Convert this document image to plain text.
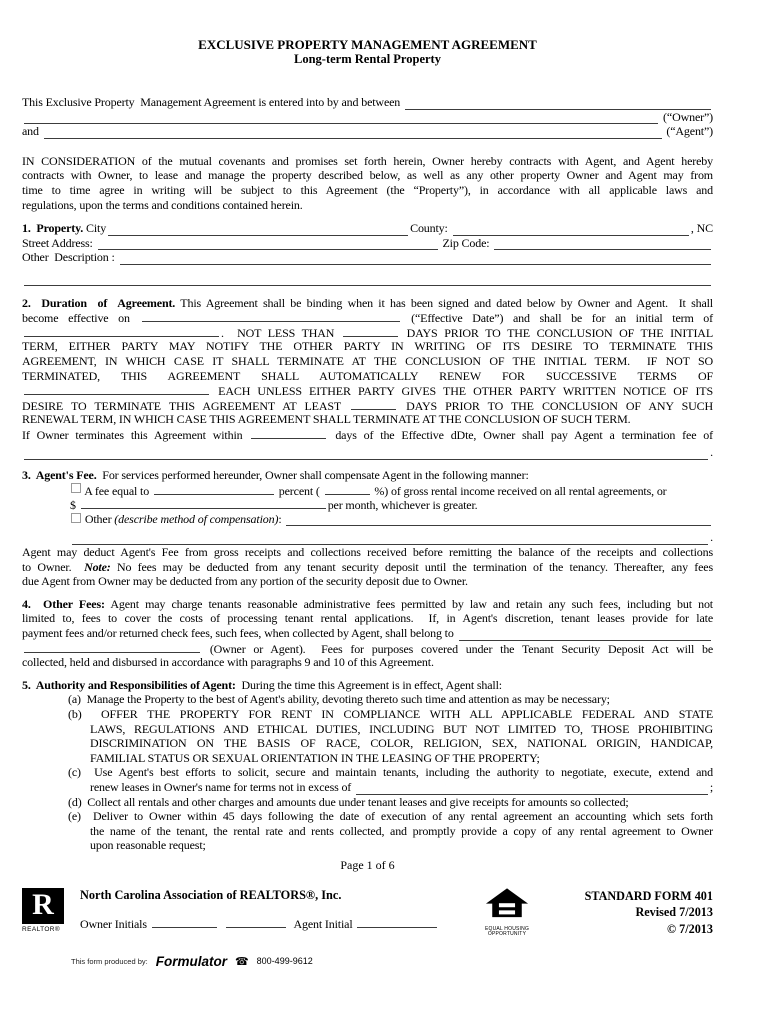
EXCLUSIVE PROPERTY MANAGEMENT AGREEMENT
Long-term Rental Property
This Exclusive Property  Management Agreement is entered into by and between
(“Owner”)
and	(“Agent”)
IN CONSIDERATION of the mutual covenants and promises set forth herein, Owner hereby contracts with Agent, and Agent hereby
contracts with Owner, to lease and manage the property described below, as well as any other property Owner and Agent may from
time to time agree in writing will be subject to this Agreement (the “Property”), in accordance with all applicable laws and
regulations, upon the terms and conditions contained herein.
1.  Property. City	County:	, NC
Street Address:	Zip Code:
Other  Description :
2.  Duration  of  Agreement. This Agreement shall be binding when it has been signed and dated below by Owner and Agent.  It shall
become effective on	(“Effective Date”) and shall be for an initial term of
.  NOT LESS THAN	DAYS PRIOR TO THE CONCLUSION OF THE INITIAL
TERM, EITHER PARTY MAY NOTIFY THE OTHER PARTY IN WRITING OF ITS DESIRE TO TERMINATE THIS
AGREEMENT, IN WHICH CASE IT SHALL TERMINATE AT THE CONCLUSION OF THE INITIAL TERM.  IF NOT SO
TERMINATED, THIS AGREEMENT SHALL AUTOMATICALLY RENEW FOR SUCCESSIVE TERMS OF
EACH UNLESS EITHER PARTY GIVES THE OTHER PARTY WRITTEN NOTICE OF ITS
DESIRE TO TERMINATE THIS AGREEMENT AT LEAST	DAYS PRIOR TO THE CONCLUSION OF ANY SUCH
RENEWAL TERM, IN WHICH CASE THIS AGREEMENT SHALL TERMINATE AT THE CONCLUSION OF SUCH TERM.
If Owner terminates this Agreement within	days of the Effective dDte, Owner shall pay Agent a termination fee of
.
3.  Agent's Fee.  For services performed hereunder, Owner shall compensate Agent in the following manner:
A fee equal to	percent (	%) of gross rental income received on all rental agreements, or
$	per month, whichever is greater.
Other (describe method of compensation) :
.
Agent may deduct Agent's Fee from gross receipts and collections received before remitting the balance of the receipts and collections
to Owner.  Note: No fees may be deducted from any tenant security deposit until the termination of the tenancy. Thereafter, any fees
due Agent from Owner may be deducted from any portion of the security deposit due to Owner.
4.  Other Fees: Agent may charge tenants reasonable administrative fees permitted by law and retain any such fees, including but not
limited to, fees to cover the costs of processing tenant rental applications.  If, in Agent's discretion, tenant leases provide for late
payment fees and/or returned check fees, such fees, when collected by Agent, shall belong to
(Owner or Agent).  Fees for purposes covered under the Tenant Security Deposit Act will be
collected, held and disbursed in accordance with paragraphs 9 and 10 of this Agreement.
5.  Authority and Responsibilities of Agent:  During the time this Agreement is in effect, Agent shall:
(a)  Manage the Property to the best of Agent's ability, devoting thereto such time and attention as may be necessary;
(b)  OFFER THE PROPERTY FOR RENT IN COMPLIANCE WITH ALL APPLICABLE FEDERAL AND STATE
LAWS, REGULATIONS AND ETHICAL DUTIES, INCLUDING BUT NOT LIMITED TO, THOSE PROHIBITING
DISCRIMINATION ON THE BASIS OF RACE, COLOR, RELIGION, SEX, NATIONAL ORIGIN, HANDICAP,
FAMILIAL STATUS OR SEXUAL ORIENTATION IN THE LEASING OF THE PROPERTY;
(c)  Use Agent's best efforts to solicit, secure and maintain tenants, including the authority to negotiate, execute, extend and
renew leases in Owner's name for terms not in excess of	;
(d)  Collect all rentals and other charges and amounts due under tenant leases and give receipts for amounts so collected;
(e)  Deliver to Owner within 45 days following the date of execution of any rental agreement an accounting which sets forth
the name of the tenant, the rental rate and rents collected, and promptly provide a copy of any rental agreement to Owner
upon reasonable request;
Page 1 of 6
R
REALTOR®
North Carolina Association of REALTORS®, Inc.
Owner Initials	Agent Initial	EQUAL HOUSING
OPPORTUNITY
STANDARD FORM 401
Revised 7/2013
© 7/2013
This form produced by: Formulator ☎ 800-499-9612
